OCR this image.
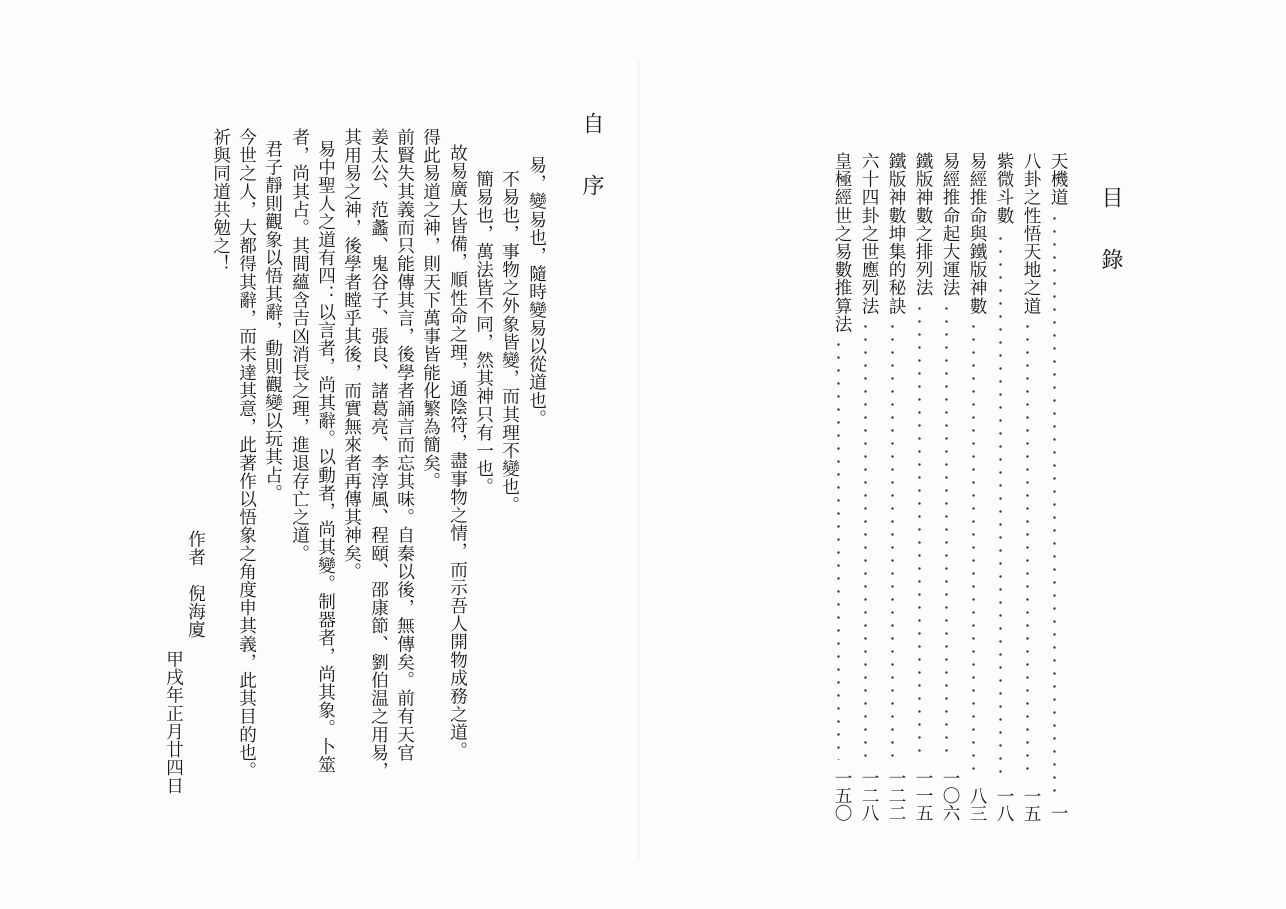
自序
易，變易也，隨時變易以從道也。
不易也，事物之外象皆變，而其理不變也。
簡易也，萬法皆不同，然其神只有一也。
故易廣大皆備，順性命之理，通陰符，盡事物之情，而示吾人開物成務之道。
得此易道之神，則天下萬事皆能化繁為簡矣。
前賢失其義而只能傳其言，後學者誦言而忘其味。自秦以後，無傳矣。前有天官
姜太公、范蠡、鬼谷子、張良、諸葛亮、李淳風、程頤、邵康節、劉伯温之用易，
其用易之神，後學者瞠乎其後，而實無來者再傳其神矣。
易中聖人之道有四：以言者，尚其辭。以動者，尚其變。制器者，尚其象。卜筮
者，尚其占。其間蘊含吉凶消長之理，進退存亡之道。
君子靜則觀象以悟其辭，動則觀變以玩其占。
今世之人，大都得其辭，而未達其意，此著作以悟象之角度申其義，此其目的也。
祈與同道共勉之！
作者　倪海廈
甲戌年正月廿四日
目錄
天機道
一
八卦之性悟天地之道
一五
紫微斗數
一八
易經推命與鐵版神數
八三
易經推命起大運法
一〇六
鐵版神數之排列法
一一五
鐵版神數坤集的秘訣
一二二
六十四卦之世應列法
一二八
皇極經世之易數推算法
一五〇
